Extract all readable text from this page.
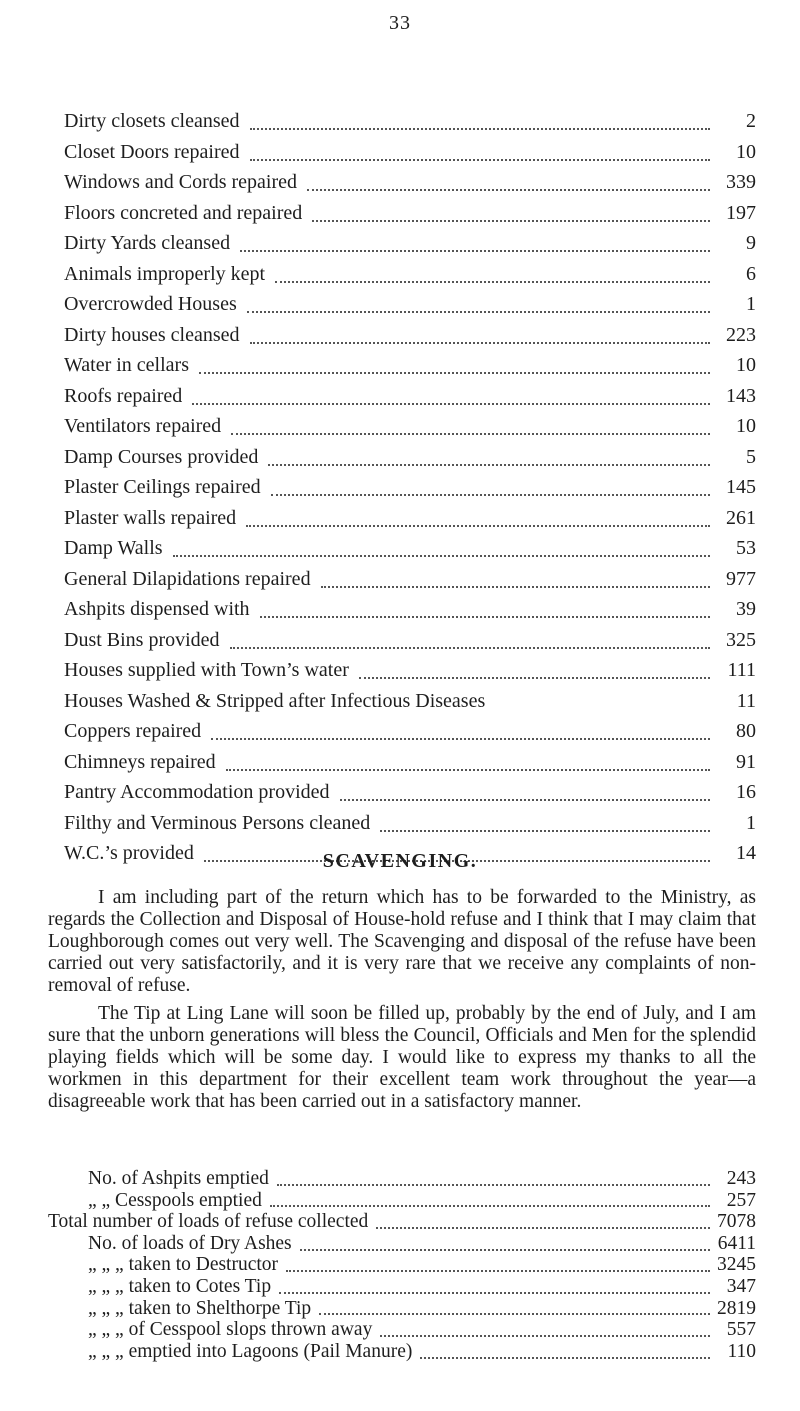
33
Dirty closets cleansed	2
Closet Doors repaired	10
Windows and Cords repaired	339
Floors concreted and repaired	197
Dirty Yards cleansed	9
Animals improperly kept	6
Overcrowded Houses	1
Dirty houses cleansed	223
Water in cellars	10
Roofs repaired	143
Ventilators repaired	10
Damp Courses provided	5
Plaster Ceilings repaired	145
Plaster walls repaired	261
Damp Walls	53
General Dilapidations repaired	977
Ashpits dispensed with	39
Dust Bins provided	325
Houses supplied with Town’s water	111
Houses Washed & Stripped after Infectious Diseases	11
Coppers repaired	80
Chimneys repaired	91
Pantry Accommodation provided	16
Filthy and Verminous Persons cleaned	1
W.C.’s provided	14
SCAVENGING.

I am including part of the return which has to be forwarded to the Ministry, as regards the Collection and Disposal of House-hold refuse and I think that I may claim that Loughborough comes out very well. The Scavenging and disposal of the refuse have been carried out very satisfactorily, and it is very rare that we receive any complaints of non-removal of refuse.

The Tip at Ling Lane will soon be filled up, probably by the end of July, and I am sure that the unborn generations will bless the Council, Officials and Men for the splendid playing fields which will be some day. I would like to express my thanks to all the workmen in this department for their excellent team work throughout the year—a disagreeable work that has been carried out in a satisfactory manner.

No. of Ashpits emptied	243
„ „ Cesspools emptied	257
Total number of loads of refuse collected	7078
No. of loads of Dry Ashes	6411
„ „ „ taken to Destructor	3245
„ „ „ taken to Cotes Tip	347
„ „ „ taken to Shelthorpe Tip	2819
„ „ „ of Cesspool slops thrown away	557
„ „ „ emptied into Lagoons (Pail Manure)	110
